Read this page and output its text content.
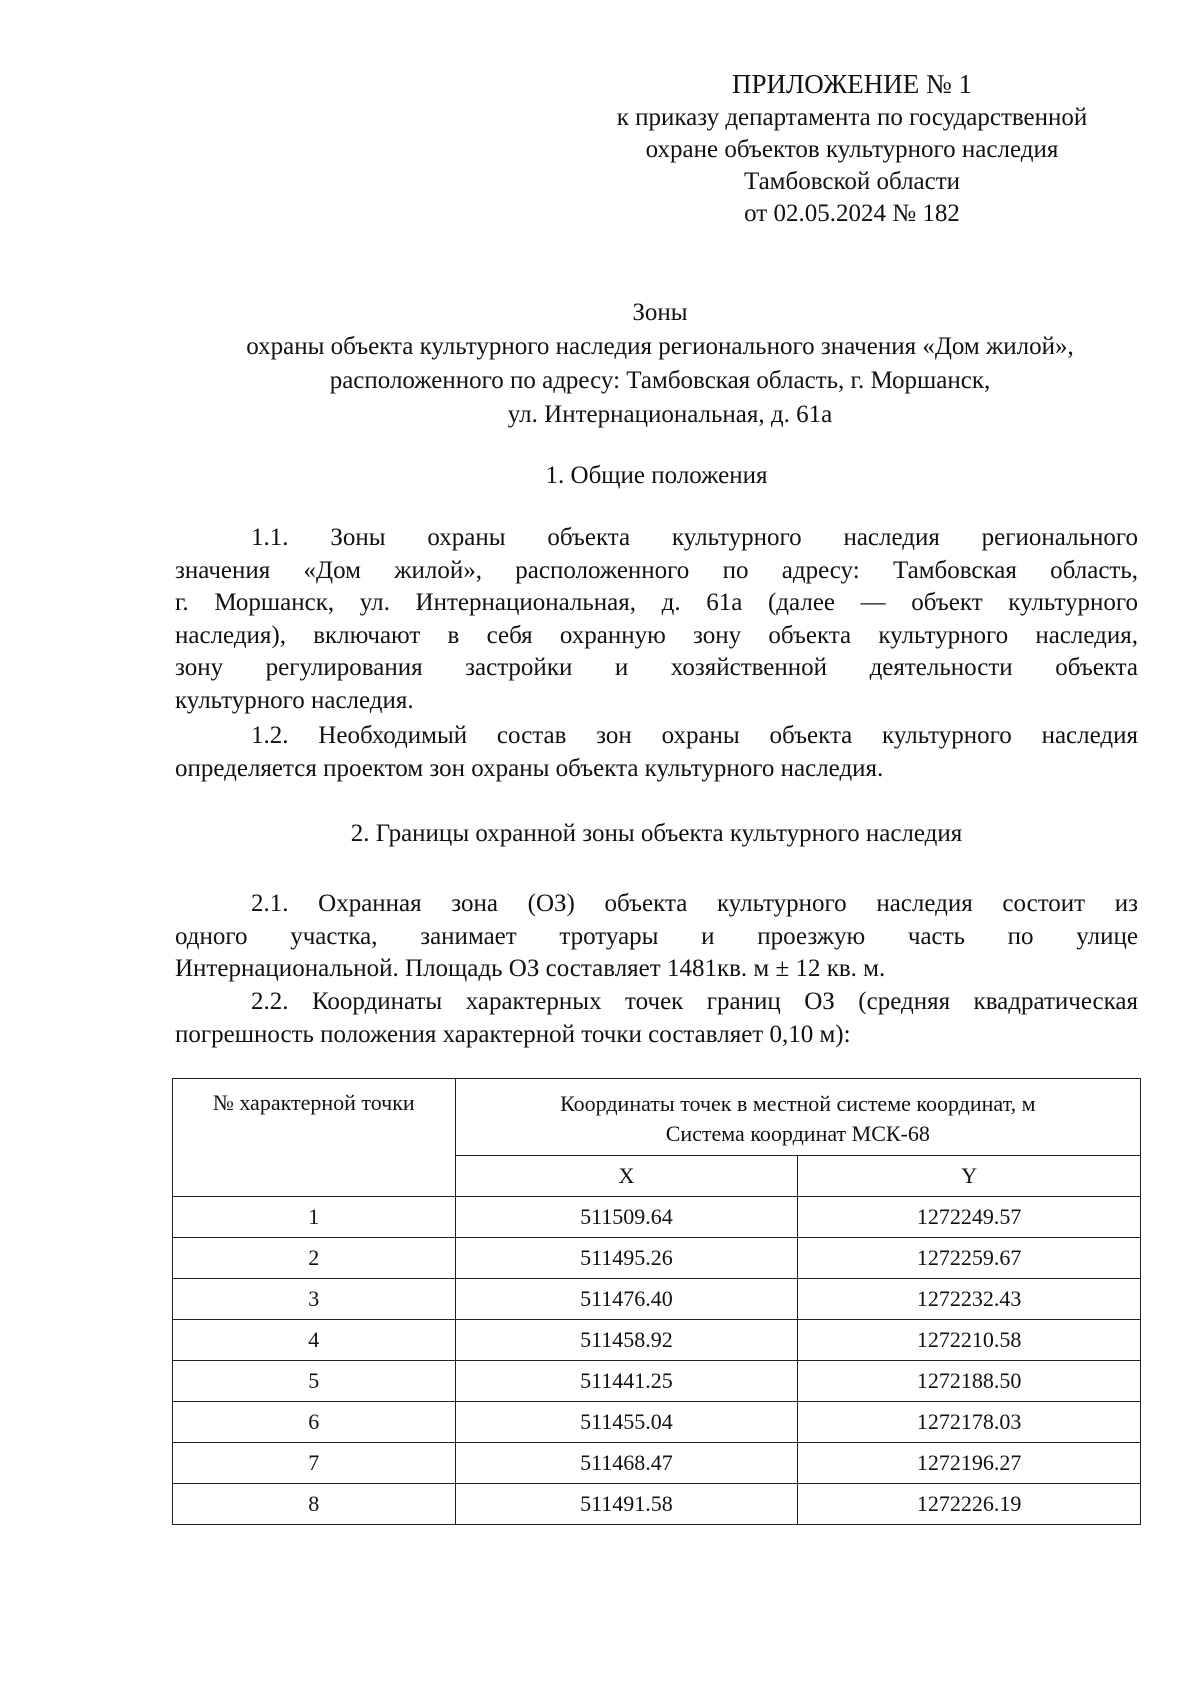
ПРИЛОЖЕНИЕ № 1
к приказу департамента по государственной
охране объектов культурного наследия
Тамбовской области
от 02.05.2024 № 182
Зоны
охраны объекта культурного наследия регионального значения «Дом жилой»,
расположенного по адресу: Тамбовская область, г. Моршанск,
ул. Интернациональная, д. 61а
1. Общие положения
1.1. Зоны охраны объекта культурного наследия регионального
значения «Дом жилой», расположенного по адресу: Тамбовская область,
г. Моршанск, ул. Интернациональная, д. 61а (далее — объект культурного
наследия), включают в себя охранную зону объекта культурного наследия,
зону регулирования застройки и хозяйственной деятельности объекта
культурного наследия.
1.2. Необходимый состав зон охраны объекта культурного наследия
определяется проектом зон охраны объекта культурного наследия.
2. Границы охранной зоны объекта культурного наследия
2.1. Охранная зона (ОЗ) объекта культурного наследия состоит из
одного участка, занимает тротуары и проезжую часть по улице
Интернациональной. Площадь ОЗ составляет 1481кв. м ± 12 кв. м.
2.2. Координаты характерных точек границ ОЗ (средняя квадратическая
погрешность положения характерной точки составляет 0,10 м):
№ характерной точки	Координаты точек в местной системе координат, м
Система координат МСК-68	

	X	Y
1	511509.64	1272249.57
2	511495.26	1272259.67
3	511476.40	1272232.43
4	511458.92	1272210.58
5	511441.25	1272188.50
6	511455.04	1272178.03
7	511468.47	1272196.27
8	511491.58	1272226.19
